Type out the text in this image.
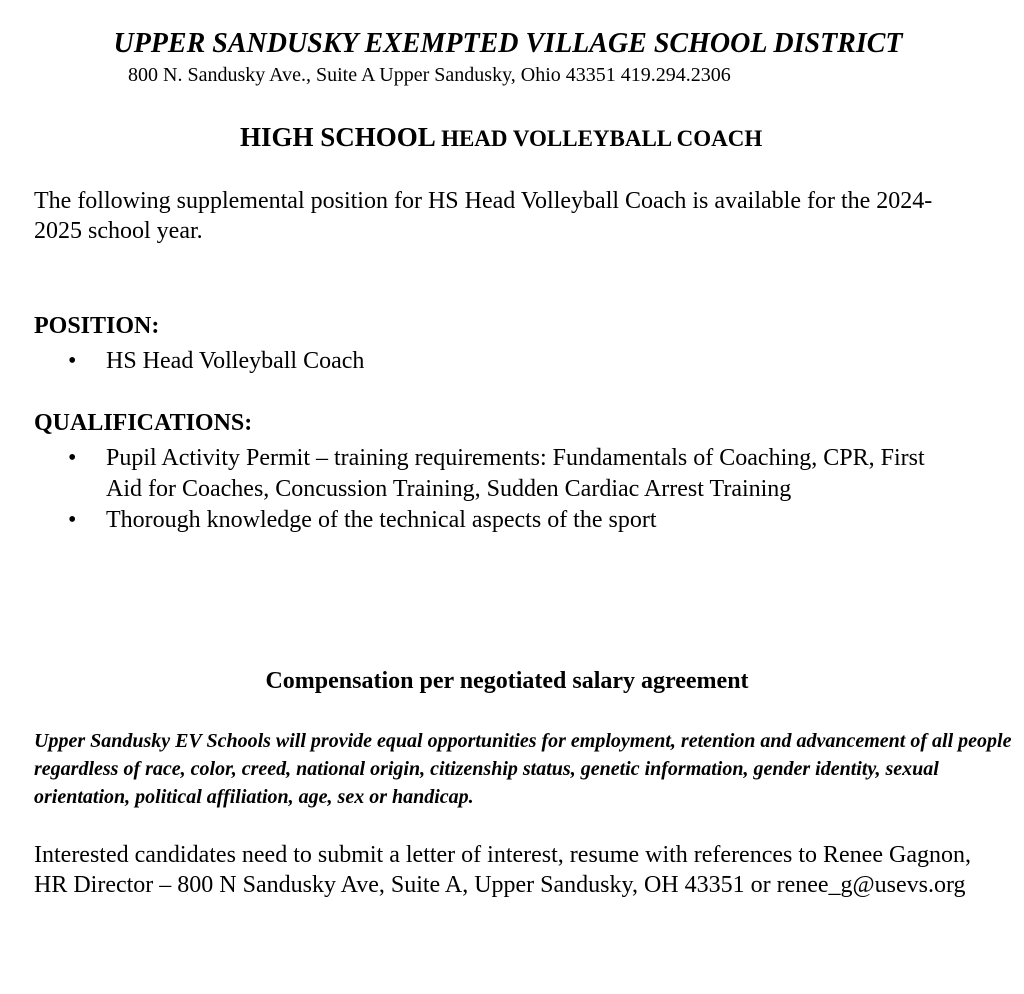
UPPER SANDUSKY EXEMPTED VILLAGE SCHOOL DISTRICT

800 N. Sandusky Ave., Suite A Upper Sandusky, Ohio 43351 419.294.2306

HIGH SCHOOL HEAD VOLLEYBALL COACH

The following supplemental position for HS Head Volleyball Coach is available for the 2024-2025 school year.

POSITION:

• HS Head Volleyball Coach

QUALIFICATIONS:

• Pupil Activity Permit – training requirements: Fundamentals of Coaching, CPR, First Aid for Coaches, Concussion Training, Sudden Cardiac Arrest Training
• Thorough knowledge of the technical aspects of the sport

Compensation per negotiated salary agreement

Upper Sandusky EV Schools will provide equal opportunities for employment, retention and advancement of all people regardless of race, color, creed, national origin, citizenship status, genetic information, gender identity, sexual orientation, political affiliation, age, sex or handicap.

Interested candidates need to submit a letter of interest, resume with references to Renee Gagnon, HR Director – 800 N Sandusky Ave, Suite A, Upper Sandusky, OH 43351 or renee_g@usevs.org
